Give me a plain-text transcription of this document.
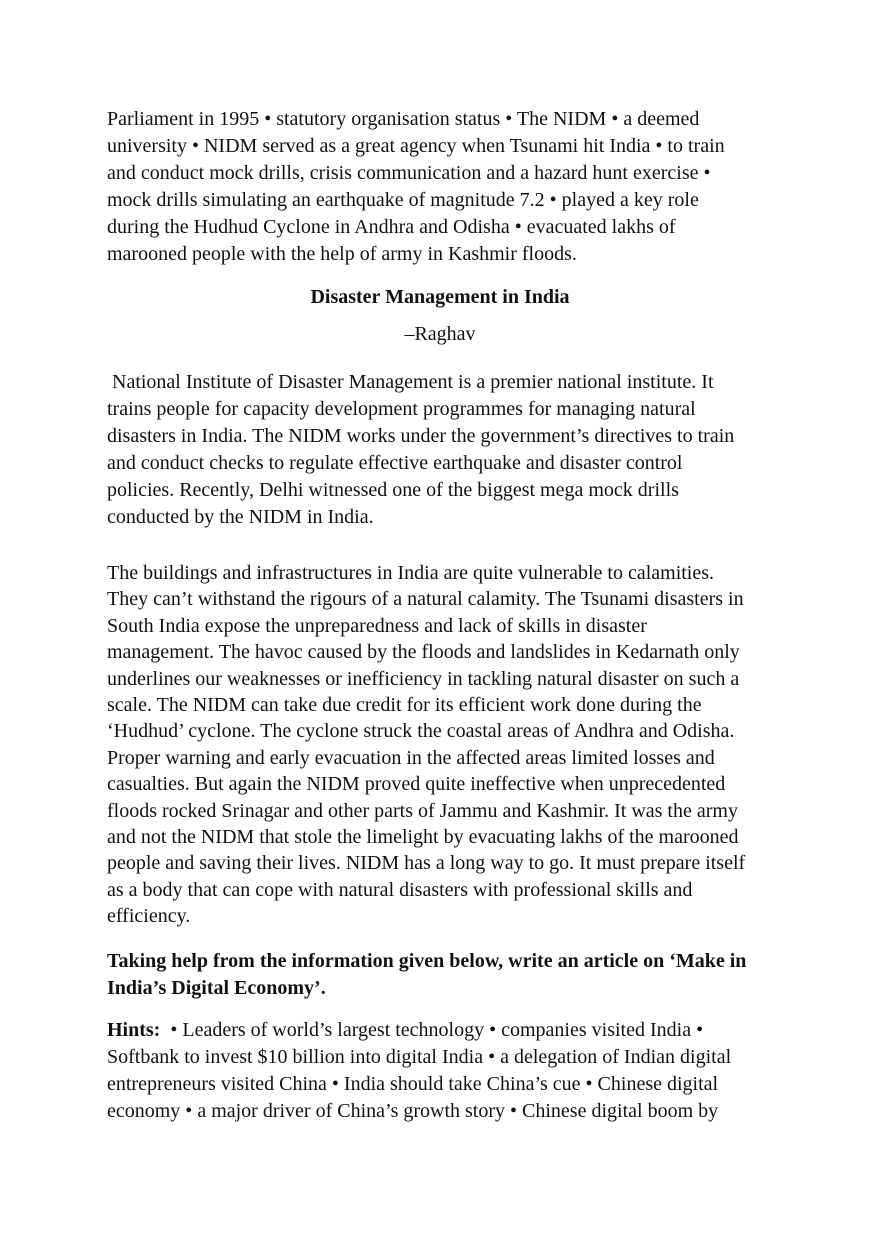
Parliament in 1995 • statutory organisation status • The NIDM • a deemed
university • NIDM served as a great agency when Tsunami hit India • to train
and conduct mock drills, crisis communication and a hazard hunt exercise •
mock drills simulating an earthquake of magnitude 7.2 • played a key role
during the Hudhud Cyclone in Andhra and Odisha • evacuated lakhs of
marooned people with the help of army in Kashmir floods.
Disaster Management in India
–Raghav
National Institute of Disaster Management is a premier national institute. It
trains people for capacity development programmes for managing natural
disasters in India. The NIDM works under the government’s directives to train
and conduct checks to regulate effective earthquake and disaster control
policies. Recently, Delhi witnessed one of the biggest mega mock drills
conducted by the NIDM in India.
The buildings and infrastructures in India are quite vulnerable to calamities.
They can’t withstand the rigours of a natural calamity. The Tsunami disasters in
South India expose the unpreparedness and lack of skills in disaster
management. The havoc caused by the floods and landslides in Kedarnath only
underlines our weaknesses or inefficiency in tackling natural disaster on such a
scale. The NIDM can take due credit for its efficient work done during the
‘Hudhud’ cyclone. The cyclone struck the coastal areas of Andhra and Odisha.
Proper warning and early evacuation in the affected areas limited losses and
casualties. But again the NIDM proved quite ineffective when unprecedented
floods rocked Srinagar and other parts of Jammu and Kashmir. It was the army
and not the NIDM that stole the limelight by evacuating lakhs of the marooned
people and saving their lives. NIDM has a long way to go. It must prepare itself
as a body that can cope with natural disasters with professional skills and
efficiency.
Taking help from the information given below, write an article on ‘Make in
India’s Digital Economy’.
Hints:  • Leaders of world’s largest technology • companies visited India •
Softbank to invest $10 billion into digital India • a delegation of Indian digital
entrepreneurs visited China • India should take China’s cue • Chinese digital
economy • a major driver of China’s growth story • Chinese digital boom by
